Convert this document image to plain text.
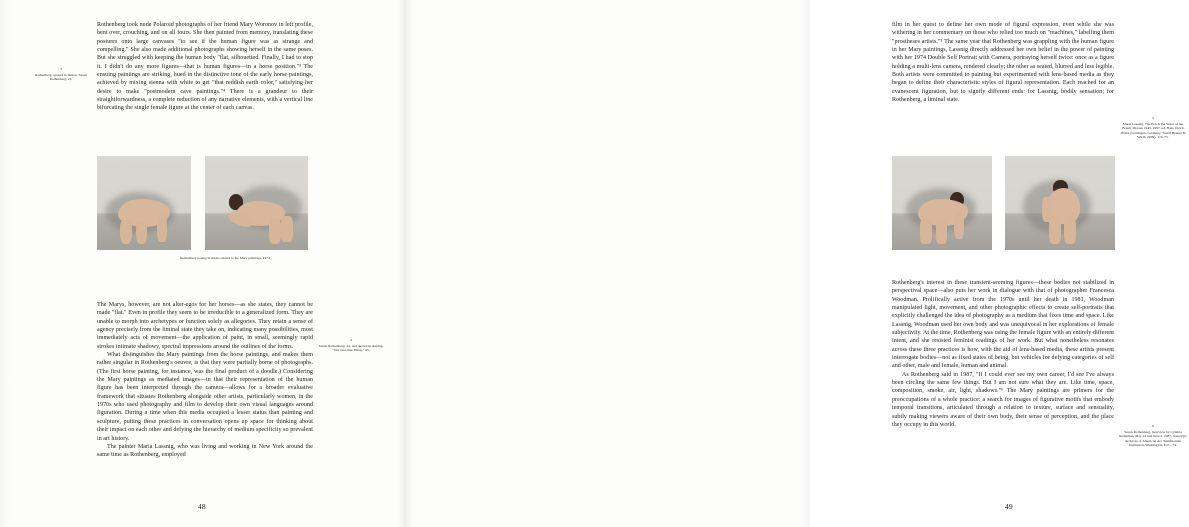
3
Rothenberg, quoted in Simon, Susan Rothenberg, 23.

Rothenberg took nude Polaroid photographs of her friend Mary Woronov in left profile, bent over, crouching, and on all fours. She then painted from memory, translating these postures onto large canvases "to see if the human figure was as strange and compelling." She also made additional photographs showing herself in the same poses. But she struggled with keeping the human body "flat, silhouetted. Finally, I had to stop it. I didn't do any more figures—that is human figures—in a horse position."³ The ensuing paintings are striking, hued in the distinctive tone of the early horse paintings, achieved by mixing sienna with white to get "that reddish earth color," satisfying her desire to make "postmodern cave paintings."⁴ There is a grandeur to their straightforwardness, a complete reduction of any narrative elements, with a vertical line bifurcating the single female figure at the center of each canvas.

Rothenberg posing in studio related to the Mary paintings, 1974

The Marys, however, are not alter-egos for her horses—as she states, they cannot be made "flat." Even in profile they seem to be irreducible to a generalized form. They are unable to morph into archetypes or function solely as allegories. They retain a sense of agency precisely from the liminal state they take on, indicating many possibilities, most immediately acts of movement—the application of paint, in small, seemingly rapid strokes intimate shadowy, spectral impressions around the outlines of the forms.

What distinguishes the Mary paintings from the horse paintings, and makes them rather singular in Rothenberg's oeuvre, is that they were partially borne of photographs. (The first horse painting, for instance, was the final product of a doodle.) Considering the Mary paintings as mediated images—in that their representation of the human figure has been interpreted through the camera—allows for a broader evaluative framework that situates Rothenberg alongside other artists, particularly women, in the 1970s who used photography and film to develop their own visual languages around figuration. During a time when this media occupied a lesser status than painting and sculpture, putting these practices in conversation opens up space for thinking about their impact on each other and defying the hierarchy of medium specificity so prevalent in art history.

The painter Maria Lassnig, who was living and working in New York around the same time as Rothenberg, employed

4
Susan Rothenberg, 24, and quoted in Auping, "Not Just One Thing," 43.
48

film in her quest to define her own mode of figural expression, even while she was withering in her commentary on those who relied too much on "machines," labelling them "prostheses artists."⁵ The same year that Rothenberg was grappling with the human figure in her Mary paintings, Lassnig directly addressed her own belief in the power of painting with her 1974 Double Self Portrait with Camera, portraying herself twice: once as a figure holding a multi-lens camera, rendered clearly; the other as seated, blurred and less legible. Both artists were committed to painting but experimented with lens-based media as they began to define their characteristic styles of figural representation. Each reached for an evanescent figuration, but to signify different ends: for Lassnig, bodily sensation; for Rothenberg, a liminal state.

5
Maria Lassnig, The Pen Is the Sister of the Brush: Diaries 1943–1997, ed. Hans Ulrich Obrist (Göttingen, Germany: Steidl Hauser & Wirth, 2009), 174–75.

Rothenberg's interest in these transient-seeming figures—these bodies not stabilized in perspectival space—also puts her work in dialogue with that of photographer Francesca Woodman. Prolifically active from the 1970s until her death in 1981, Woodman manipulated light, movement, and other photographic effects to create self-portraits that explicitly challenged the idea of photography as a medium that fixes time and space. Like Lassnig, Woodman used her own body and was unequivocal in her explorations of female subjectivity. At the time, Rothenberg was using the female figure with an entirely different intent, and she resisted feminist readings of her work. But what nonetheless resonates across these three practices is how, with the aid of lens-based media, these artists present interrogate bodies—not as fixed states of being, but vehicles for defying categories of self and other, male and female, human and animal.

As Rothenberg said in 1987, "If I could ever see my own career, I'd see I've always been circling the same few things. But I am not sure what they are. Like time, space, composition, smoke, air, light, shadows."⁶ The Mary paintings are primers for the preoccupations of a whole practice: a search for images of figurative motifs that embody temporal transitions, articulated through a relation to texture, surface and sensuality, subtly making viewers aware of their own body, their sense of perception, and the place they occupy in this world.	6
Susan Rothenberg, interview by Cynthia Nadelman, May 22 and June 2, 1987, transcript, Archives of American Art, Smithsonian Institution, Washington, D.C., 74.
49
